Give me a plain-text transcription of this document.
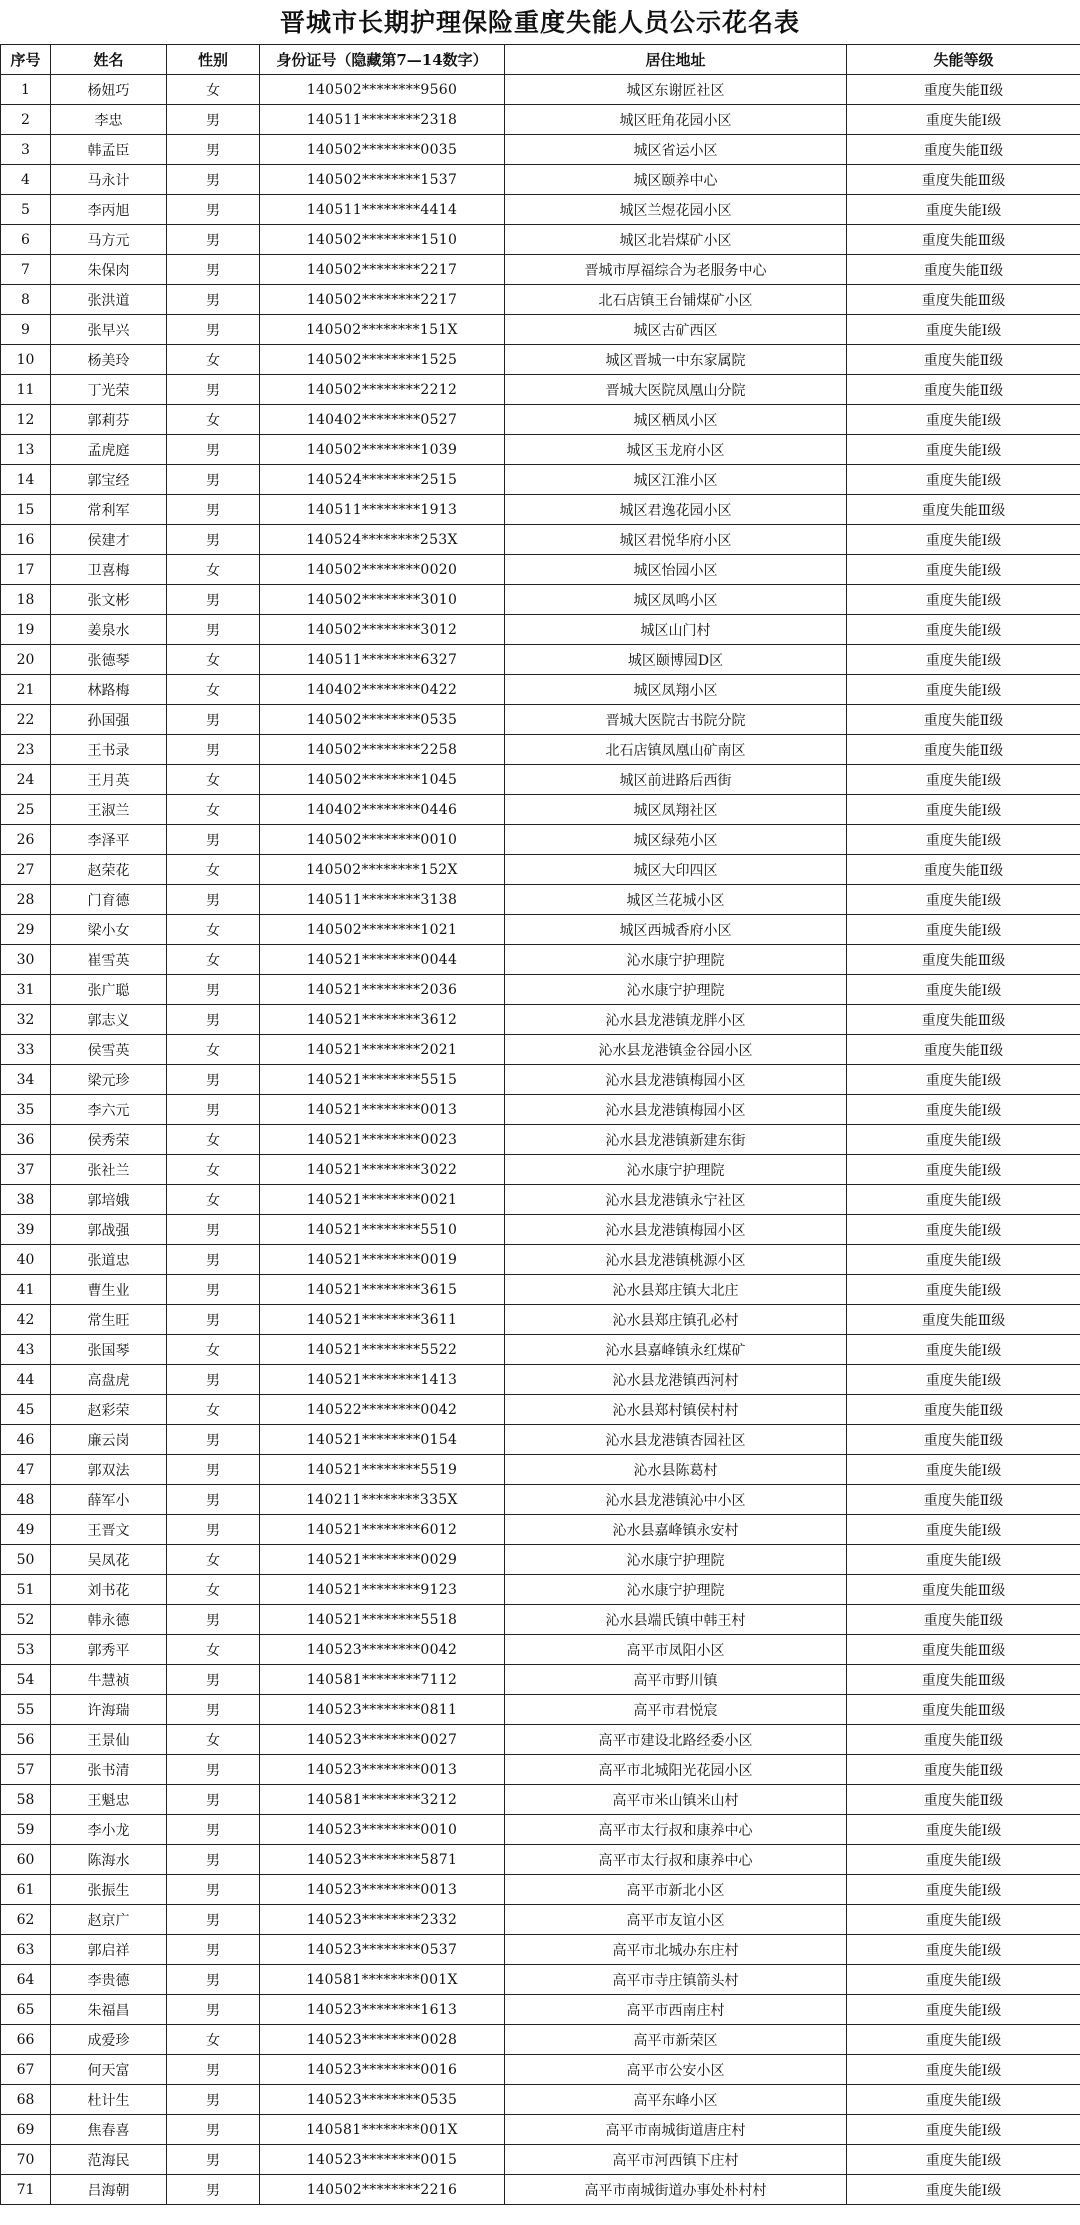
晋城市长期护理保险重度失能人员公示花名表
序号	姓名	性别	身份证号（隐藏第7—14数字）	居住地址	失能等级
1	杨妞巧	女	140502********9560	城区东谢匠社区	重度失能Ⅱ级
2	李忠	男	140511********2318	城区旺角花园小区	重度失能Ⅰ级
3	韩孟臣	男	140502********0035	城区省运小区	重度失能Ⅱ级
4	马永计	男	140502********1537	城区颐养中心	重度失能Ⅲ级
5	李丙旭	男	140511********4414	城区兰煜花园小区	重度失能Ⅰ级
6	马方元	男	140502********1510	城区北岩煤矿小区	重度失能Ⅲ级
7	朱保肉	男	140502********2217	晋城市厚福综合为老服务中心	重度失能Ⅱ级
8	张洪道	男	140502********2217	北石店镇王台铺煤矿小区	重度失能Ⅲ级
9	张早兴	男	140502********151X	城区古矿西区	重度失能Ⅰ级
10	杨美玲	女	140502********1525	城区晋城一中东家属院	重度失能Ⅱ级
11	丁光荣	男	140502********2212	晋城大医院凤凰山分院	重度失能Ⅱ级
12	郭莉芬	女	140402********0527	城区栖凤小区	重度失能Ⅰ级
13	孟虎庭	男	140502********1039	城区玉龙府小区	重度失能Ⅰ级
14	郭宝经	男	140524********2515	城区江淮小区	重度失能Ⅰ级
15	常利军	男	140511********1913	城区君逸花园小区	重度失能Ⅲ级
16	侯建才	男	140524********253X	城区君悦华府小区	重度失能Ⅰ级
17	卫喜梅	女	140502********0020	城区怡园小区	重度失能Ⅰ级
18	张文彬	男	140502********3010	城区凤鸣小区	重度失能Ⅰ级
19	姜泉水	男	140502********3012	城区山门村	重度失能Ⅰ级
20	张德琴	女	140511********6327	城区颐博园D区	重度失能Ⅰ级
21	林路梅	女	140402********0422	城区凤翔小区	重度失能Ⅰ级
22	孙国强	男	140502********0535	晋城大医院古书院分院	重度失能Ⅱ级
23	王书录	男	140502********2258	北石店镇凤凰山矿南区	重度失能Ⅱ级
24	王月英	女	140502********1045	城区前进路后西街	重度失能Ⅰ级
25	王淑兰	女	140402********0446	城区凤翔社区	重度失能Ⅰ级
26	李泽平	男	140502********0010	城区绿苑小区	重度失能Ⅰ级
27	赵荣花	女	140502********152X	城区大印四区	重度失能Ⅱ级
28	门育德	男	140511********3138	城区兰花城小区	重度失能Ⅰ级
29	梁小女	女	140502********1021	城区西城香府小区	重度失能Ⅰ级
30	崔雪英	女	140521********0044	沁水康宁护理院	重度失能Ⅲ级
31	张广聪	男	140521********2036	沁水康宁护理院	重度失能Ⅰ级
32	郭志义	男	140521********3612	沁水县龙港镇龙胖小区	重度失能Ⅲ级
33	侯雪英	女	140521********2021	沁水县龙港镇金谷园小区	重度失能Ⅱ级
34	梁元珍	男	140521********5515	沁水县龙港镇梅园小区	重度失能Ⅰ级
35	李六元	男	140521********0013	沁水县龙港镇梅园小区	重度失能Ⅰ级
36	侯秀荣	女	140521********0023	沁水县龙港镇新建东街	重度失能Ⅰ级
37	张社兰	女	140521********3022	沁水康宁护理院	重度失能Ⅰ级
38	郭培娥	女	140521********0021	沁水县龙港镇永宁社区	重度失能Ⅰ级
39	郭战强	男	140521********5510	沁水县龙港镇梅园小区	重度失能Ⅰ级
40	张道忠	男	140521********0019	沁水县龙港镇桃源小区	重度失能Ⅰ级
41	曹生业	男	140521********3615	沁水县郑庄镇大北庄	重度失能Ⅰ级
42	常生旺	男	140521********3611	沁水县郑庄镇孔必村	重度失能Ⅲ级
43	张国琴	女	140521********5522	沁水县嘉峰镇永红煤矿	重度失能Ⅰ级
44	高盘虎	男	140521********1413	沁水县龙港镇西河村	重度失能Ⅰ级
45	赵彩荣	女	140522********0042	沁水县郑村镇侯村村	重度失能Ⅱ级
46	廉云岗	男	140521********0154	沁水县龙港镇杏园社区	重度失能Ⅱ级
47	郭双法	男	140521********5519	沁水县陈葛村	重度失能Ⅰ级
48	薛军小	男	140211********335X	沁水县龙港镇沁中小区	重度失能Ⅱ级
49	王晋文	男	140521********6012	沁水县嘉峰镇永安村	重度失能Ⅰ级
50	吴凤花	女	140521********0029	沁水康宁护理院	重度失能Ⅰ级
51	刘书花	女	140521********9123	沁水康宁护理院	重度失能Ⅲ级
52	韩永德	男	140521********5518	沁水县端氏镇中韩王村	重度失能Ⅱ级
53	郭秀平	女	140523********0042	高平市凤阳小区	重度失能Ⅲ级
54	牛慧祯	男	140581********7112	高平市野川镇	重度失能Ⅲ级
55	许海瑞	男	140523********0811	高平市君悦宸	重度失能Ⅲ级
56	王景仙	女	140523********0027	高平市建设北路经委小区	重度失能Ⅱ级
57	张书清	男	140523********0013	高平市北城阳光花园小区	重度失能Ⅱ级
58	王魁忠	男	140581********3212	高平市米山镇米山村	重度失能Ⅱ级
59	李小龙	男	140523********0010	高平市太行叔和康养中心	重度失能Ⅰ级
60	陈海水	男	140523********5871	高平市太行叔和康养中心	重度失能Ⅰ级
61	张振生	男	140523********0013	高平市新北小区	重度失能Ⅰ级
62	赵京广	男	140523********2332	高平市友谊小区	重度失能Ⅰ级
63	郭启祥	男	140523********0537	高平市北城办东庄村	重度失能Ⅰ级
64	李贵德	男	140581********001X	高平市寺庄镇箭头村	重度失能Ⅰ级
65	朱福昌	男	140523********1613	高平市西南庄村	重度失能Ⅰ级
66	成爱珍	女	140523********0028	高平市新荣区	重度失能Ⅰ级
67	何天富	男	140523********0016	高平市公安小区	重度失能Ⅰ级
68	杜计生	男	140523********0535	高平东峰小区	重度失能Ⅰ级
69	焦春喜	男	140581********001X	高平市南城街道唐庄村	重度失能Ⅰ级
70	范海民	男	140523********0015	高平市河西镇下庄村	重度失能Ⅰ级
71	吕海朝	男	140502********2216	高平市南城街道办事处朴村村	重度失能Ⅰ级
